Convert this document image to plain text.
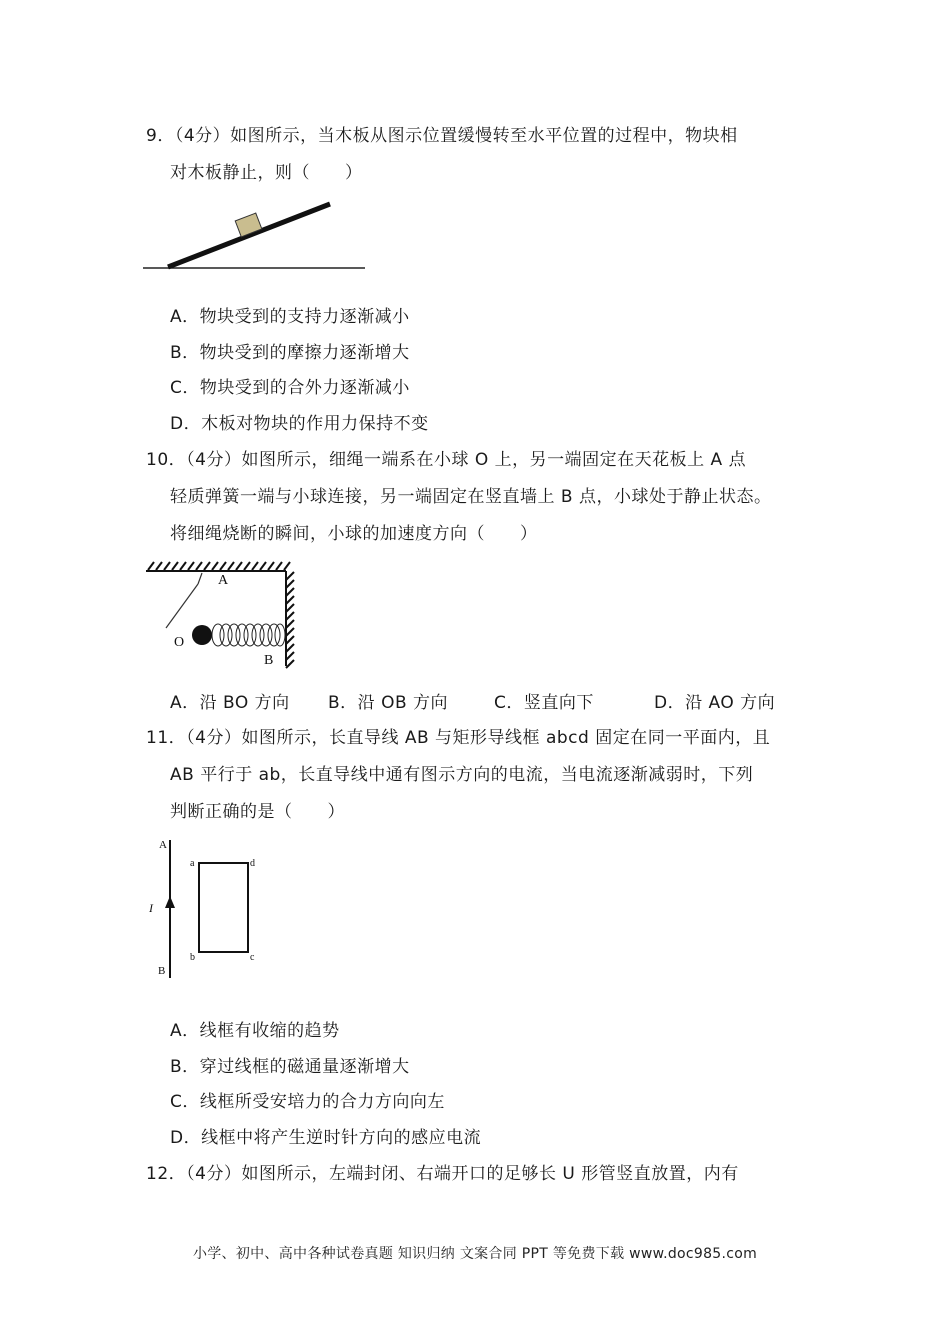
9．（4分）如图所示，当木板从图示位置缓慢转至水平位置的过程中，物块相
对木板静止，则（　　）
A．物块受到的支持力逐渐减小
B．物块受到的摩擦力逐渐增大
C．物块受到的合外力逐渐减小
D．木板对物块的作用力保持不变
10．（4分）如图所示，细绳一端系在小球 O 上，另一端固定在天花板上 A 点
轻质弹簧一端与小球连接，另一端固定在竖直墙上 B 点，小球处于静止状态。
将细绳烧断的瞬间，小球的加速度方向（　　）
A
O
B
A．沿 BO 方向 B．沿 OB 方向	C．竖直向下	D．沿 AO 方向
11．（4分）如图所示，长直导线 AB 与矩形导线框 abcd 固定在同一平面内，且
AB 平行于 ab，长直导线中通有图示方向的电流，当电流逐渐减弱时，下列
判断正确的是（　　）
A
B
I
a
b	c
d
A．线框有收缩的趋势
B．穿过线框的磁通量逐渐增大
C．线框所受安培力的合力方向向左
D．线框中将产生逆时针方向的感应电流
12．（4分）如图所示，左端封闭、右端开口的足够长 U 形管竖直放置，内有
小学、初中、高中各种试卷真题 知识归纳 文案合同 PPT 等免费下载 www.doc985.com
